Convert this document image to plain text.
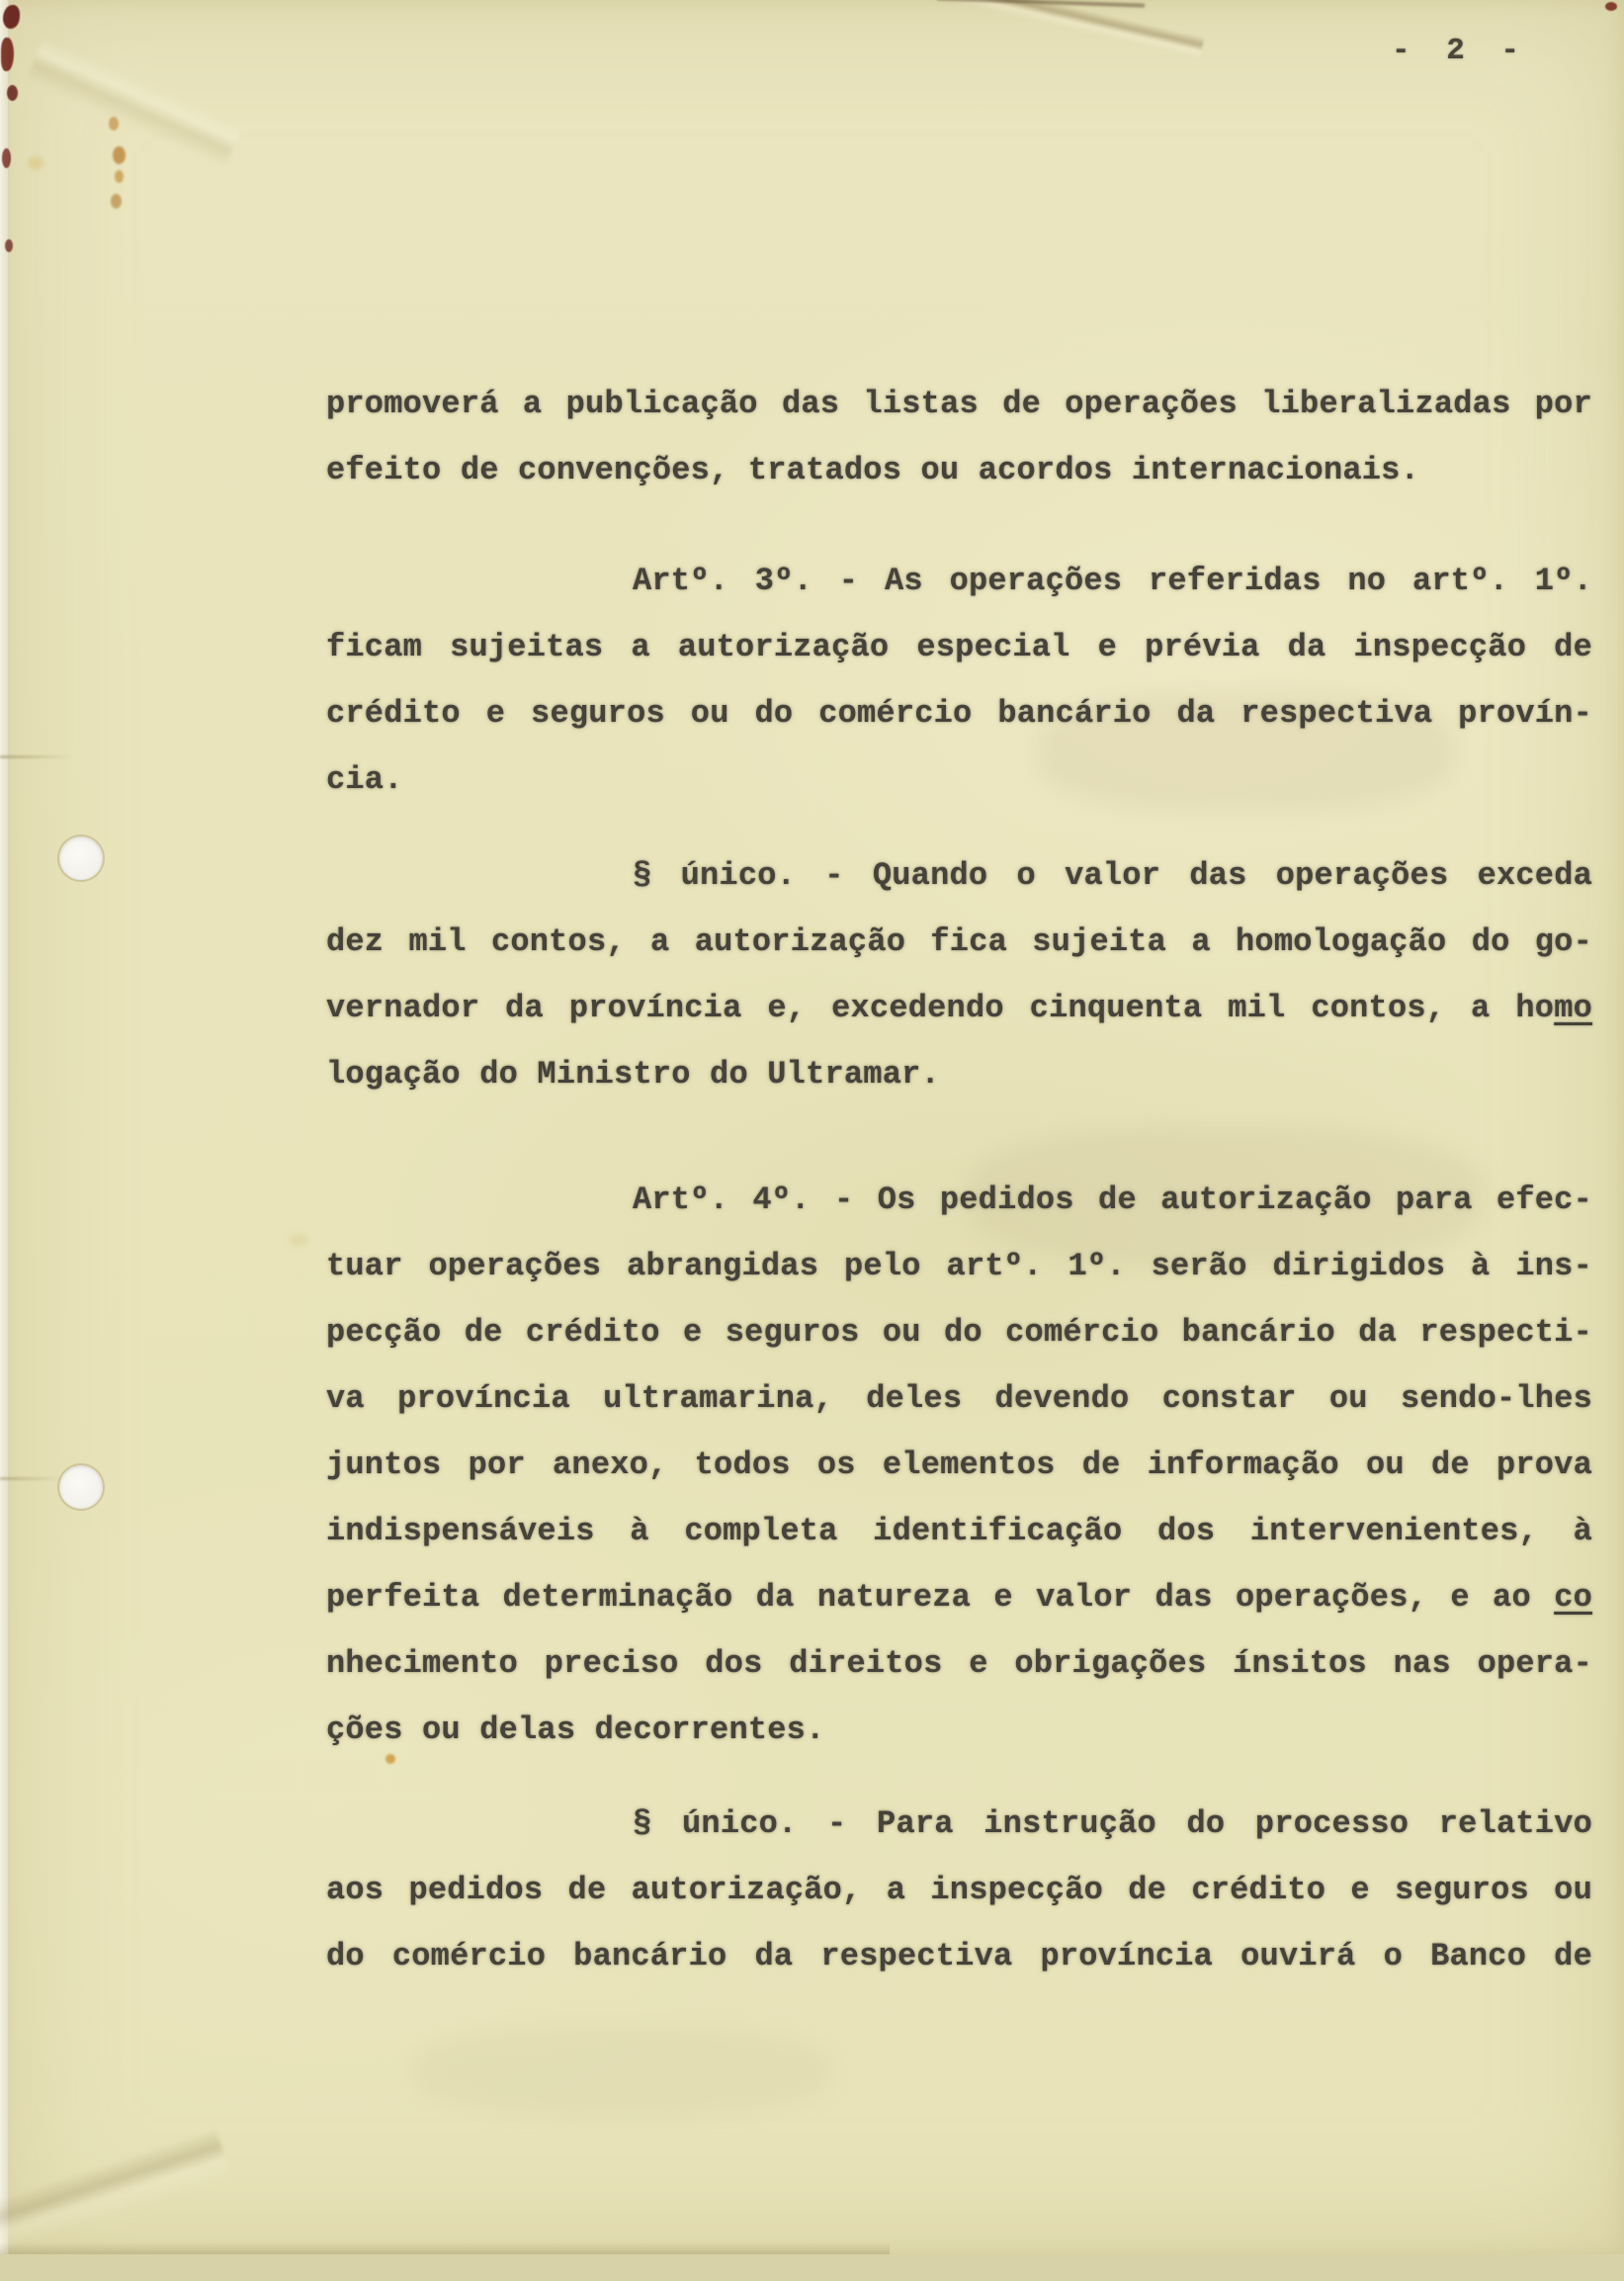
- 2 -
promoverá a publicação das listas de operações liberalizadas por
efeito de convenções, tratados ou acordos internacionais.
Artº. 3º. - As operações referidas no artº. 1º.
ficam sujeitas a autorização especial e prévia da inspecção de
crédito e seguros ou do comércio bancário da respectiva provín-
cia.
§ único. - Quando o valor das operações exceda
dez mil contos, a autorização fica sujeita a homologação do go-
vernador da província e, excedendo cinquenta mil contos, a homo
logação do Ministro do Ultramar.
Artº. 4º. - Os pedidos de autorização para efec-
tuar operações abrangidas pelo artº. 1º. serão dirigidos à ins-
pecção de crédito e seguros ou do comércio bancário da respecti-
va província ultramarina, deles devendo constar ou sendo-lhes
juntos por anexo, todos os elementos de informação ou de prova
indispensáveis à completa identificação dos intervenientes, à
perfeita determinação da natureza e valor das operações, e ao co
nhecimento preciso dos direitos e obrigações ínsitos nas opera-
ções ou delas decorrentes.
§ único. - Para instrução do processo relativo
aos pedidos de autorização, a inspecção de crédito e seguros ou
do comércio bancário da respectiva província ouvirá o Banco de
